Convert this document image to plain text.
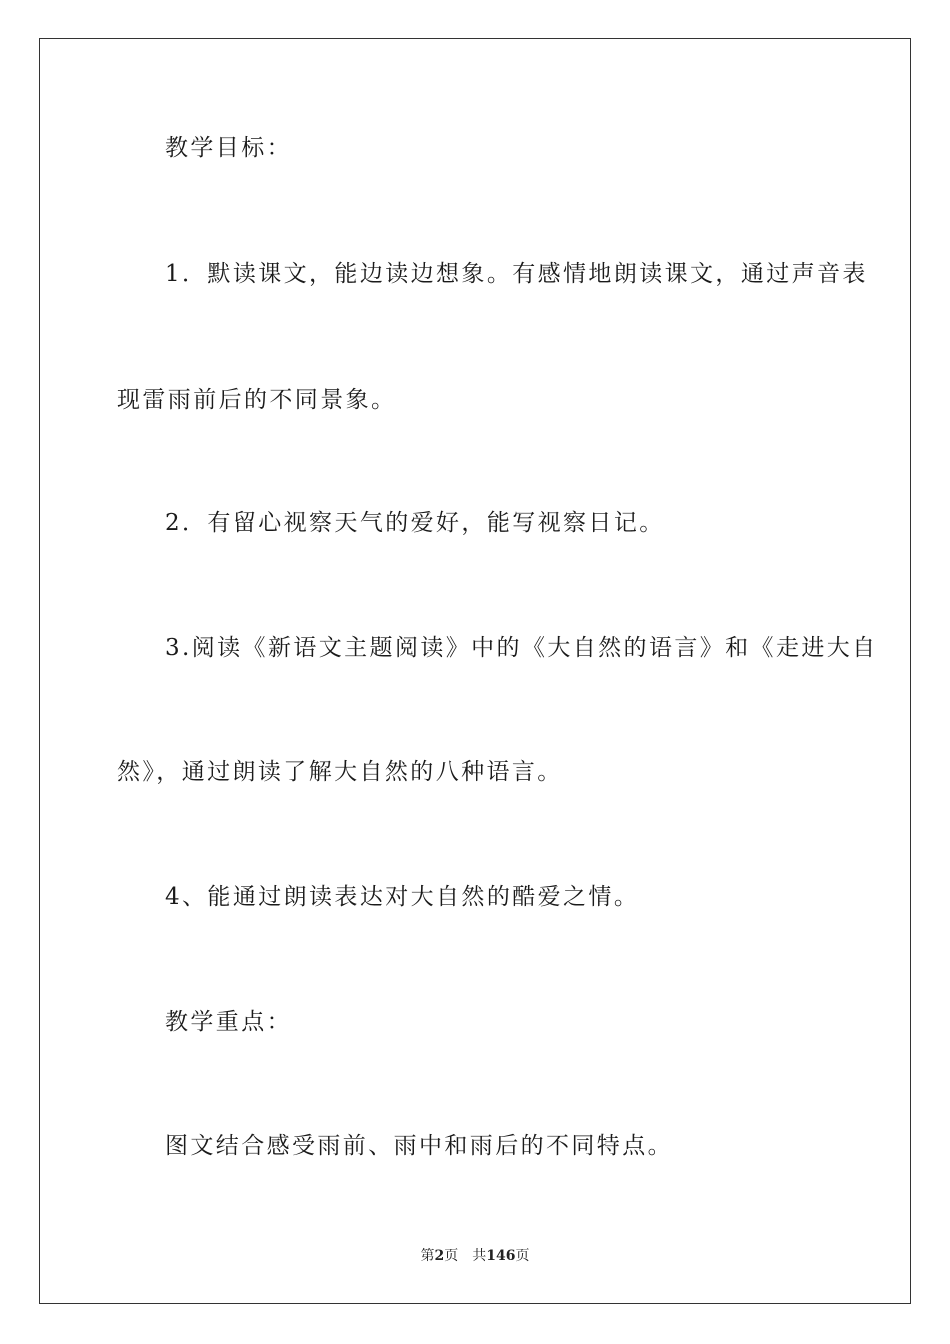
教学目标：
1．默读课文，能边读边想象。有感情地朗读课文，通过声音表
现雷雨前后的不同景象。
2．有留心视察天气的爱好，能写视察日记。
3.阅读《新语文主题阅读》中的《大自然的语言》和《走进大自
然》，通过朗读了解大自然的八种语言。
4、能通过朗读表达对大自然的酷爱之情。
教学重点：
图文结合感受雨前、雨中和雨后的不同特点。
第2页 共146页
